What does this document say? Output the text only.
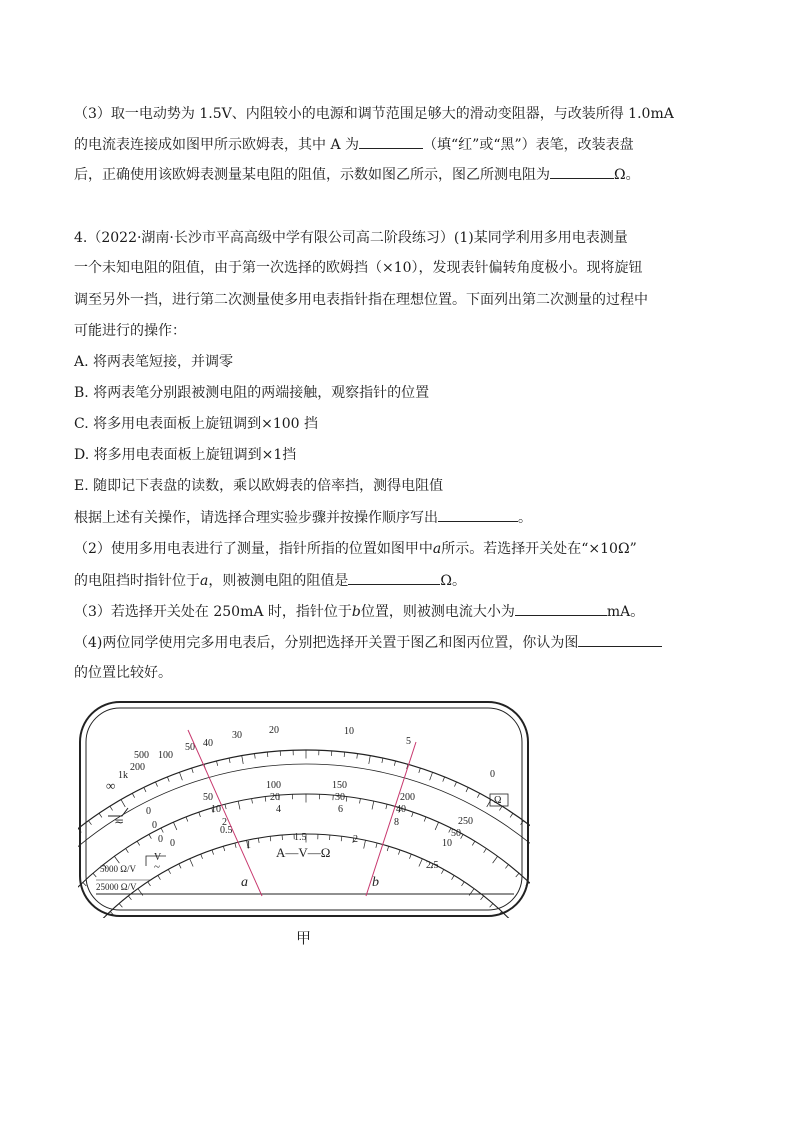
（3）取一电动势为 1.5V、内阻较小的电源和调节范围足够大的滑动变阻器，与改装所得 1.0mA
的电流表连接成如图甲所示欧姆表，其中 A 为	（填“红”或“黑”）表笔，改装表盘
后，正确使用该欧姆表测量某电阻的阻值，示数如图乙所示，图乙所测电阻为	Ω。
4.（2022·湖南·长沙市平高高级中学有限公司高二阶段练习）(1)某同学利用多用电表测量
一个未知电阻的阻值，由于第一次选择的欧姆挡（×10），发现表针偏转角度极小。现将旋钮
调至另外一挡，进行第二次测量使多用电表指针指在理想位置。下面列出第二次测量的过程中
可能进行的操作：
A. 将两表笔短接，并调零
B. 将两表笔分别跟被测电阻的两端接触，观察指针的位置
C. 将多用电表面板上旋钮调到×100 挡
D. 将多用电表面板上旋钮调到×1挡
E. 随即记下表盘的读数，乘以欧姆表的倍率挡，测得电阻值
根据上述有关操作，请选择合理实验步骤并按操作顺序写出	。
（2）使用多用电表进行了测量，指针所指的位置如图甲中a所示。若选择开关处在“×10Ω”
的电阻挡时指针位于a，则被测电阻的阻值是	Ω。
（3）若选择开关处在 250mA 时，指针位于b位置，则被测电流大小为	mA。
（4)两位同学使用完多用电表后，分别把选择开关置于图乙和图丙位置，你认为图
的位置比较好。
1k
500
200
100
50 40
30	20	10
5
0
∞
Ω
0
50
100	150
200
250
0
10
20	30
40
50
0
2
4	6
8
10
≂
0
0.5
1
1.5	2
2.5
A—V—Ω
V
~
5000 Ω/V
25000 Ω/V	a	b
甲
